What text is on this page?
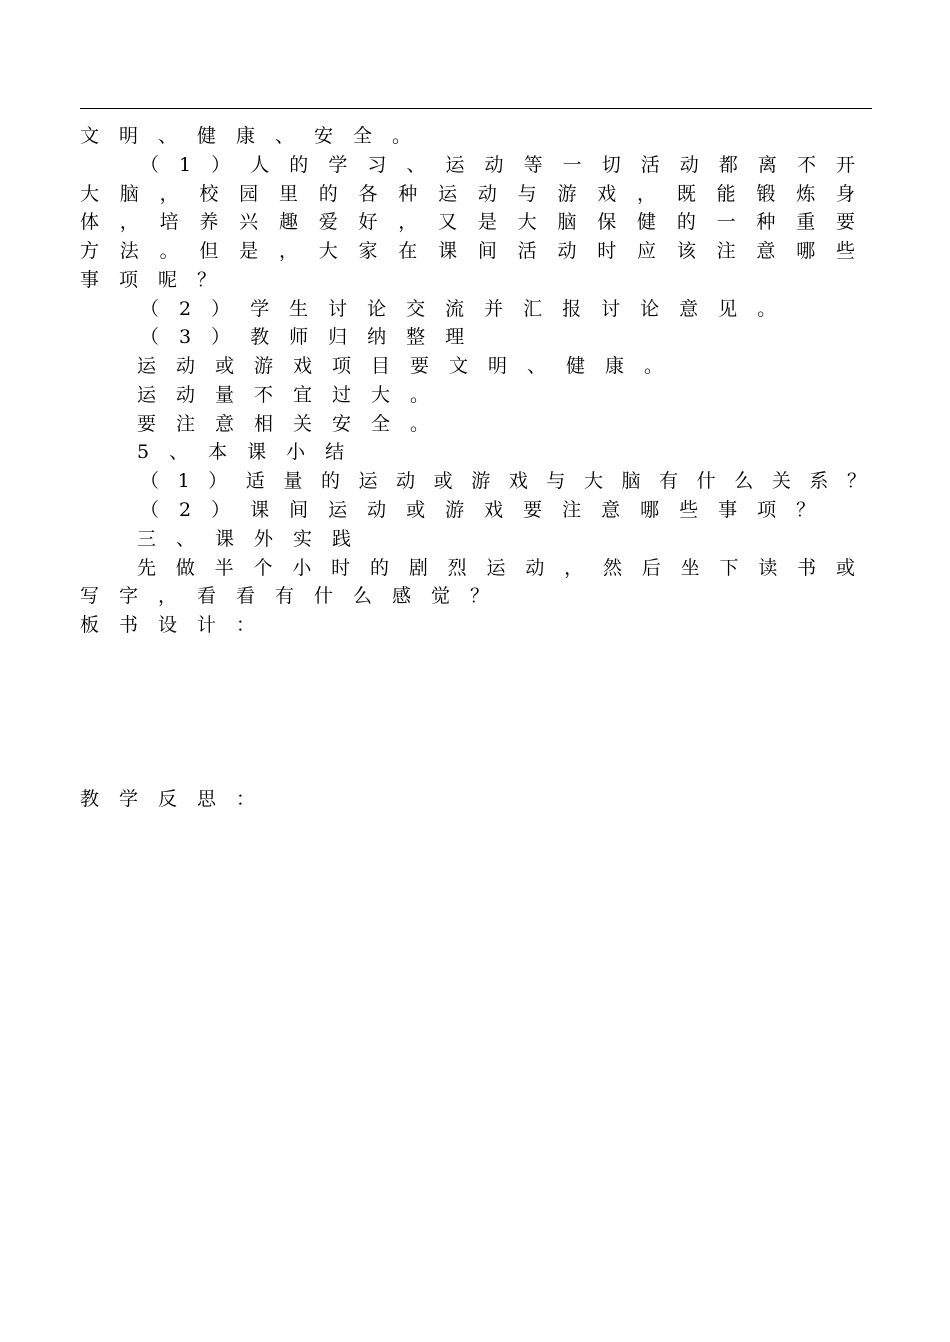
文明、健康、安全。
（1）人的学习、运动等一切活动都离不开
大脑，校园里的各种运动与游戏，既能锻炼身
体，培养兴趣爱好，又是大脑保健的一种重要
方法。但是，大家在课间活动时应该注意哪些
事项呢？
（2）学生讨论交流并汇报讨论意见。
（3）教师归纳整理
运动或游戏项目要文明、健康。
运动量不宜过大。
要注意相关安全。
5、本课小结
（1）适量的运动或游戏与大脑有什么关系？
（2）课间运动或游戏要注意哪些事项？
三、课外实践
先做半个小时的剧烈运动，然后坐下读书或
写字，看看有什么感觉？
板书设计：
教学反思：
